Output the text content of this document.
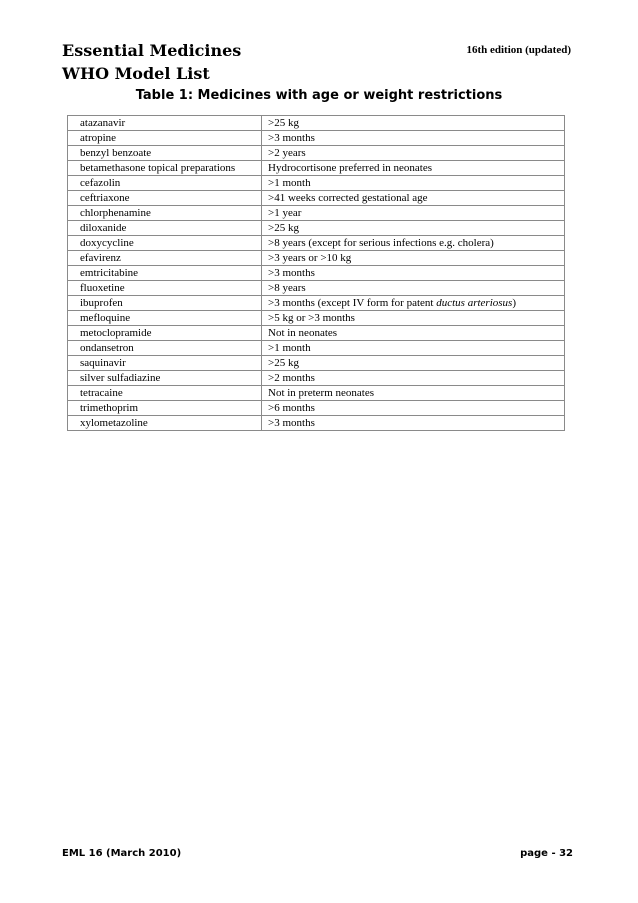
Essential Medicines	16th edition (updated)
WHO Model List
Table 1: Medicines with age or weight restrictions
atazanavir	>25 kg
atropine	>3 months
benzyl benzoate	>2 years
betamethasone topical preparations	Hydrocortisone preferred in neonates
cefazolin	>1 month
ceftriaxone	>41 weeks corrected gestational age
chlorphenamine	>1 year
diloxanide	>25 kg
doxycycline	>8 years (except for serious infections e.g. cholera)
efavirenz	>3 years or >10 kg
emtricitabine	>3 months
fluoxetine	>8 years
ibuprofen	>3 months (except IV form for patent ductus arteriosus)
mefloquine	>5 kg or >3 months
metoclopramide	Not in neonates
ondansetron	>1 month
saquinavir	>25 kg
silver sulfadiazine	>2 months
tetracaine	Not in preterm neonates
trimethoprim	>6 months
xylometazoline	>3 months
EML 16 (March 2010)	page - 32
